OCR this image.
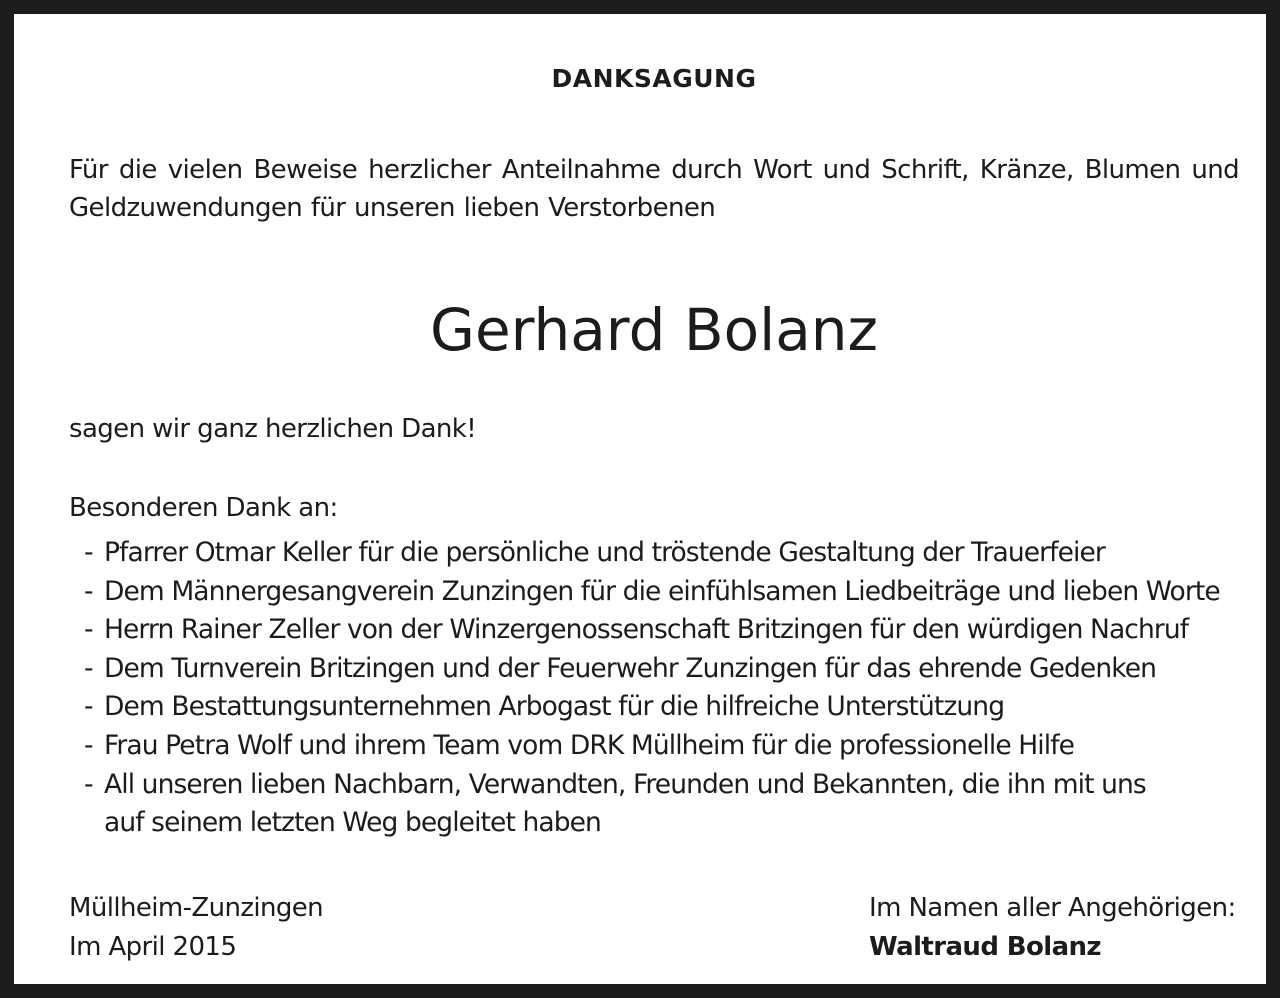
DANKSAGUNG
Für die vielen Beweise herzlicher Anteilnahme durch Wort und Schrift, Kränze, Blumen und Geldzuwendungen für unseren lieben Verstorbenen
Gerhard Bolanz
sagen wir ganz herzlichen Dank!
Besonderen Dank an:
- Pfarrer Otmar Keller für die persönliche und tröstende Gestaltung der Trauerfeier
- Dem Männergesangverein Zunzingen für die einfühlsamen Liedbeiträge und lieben Worte
- Herrn Rainer Zeller von der Winzergenossenschaft Britzingen für den würdigen Nachruf
- Dem Turnverein Britzingen und der Feuerwehr Zunzingen für das ehrende Gedenken
- Dem Bestattungsunternehmen Arbogast für die hilfreiche Unterstützung
- Frau Petra Wolf und ihrem Team vom DRK Müllheim für die professionelle Hilfe
- All unseren lieben Nachbarn, Verwandten, Freunden und Bekannten, die ihn mit uns
auf seinem letzten Weg begleitet haben
Müllheim-Zunzingen
Im April 2015
Im Namen aller Angehörigen:
Waltraud Bolanz
